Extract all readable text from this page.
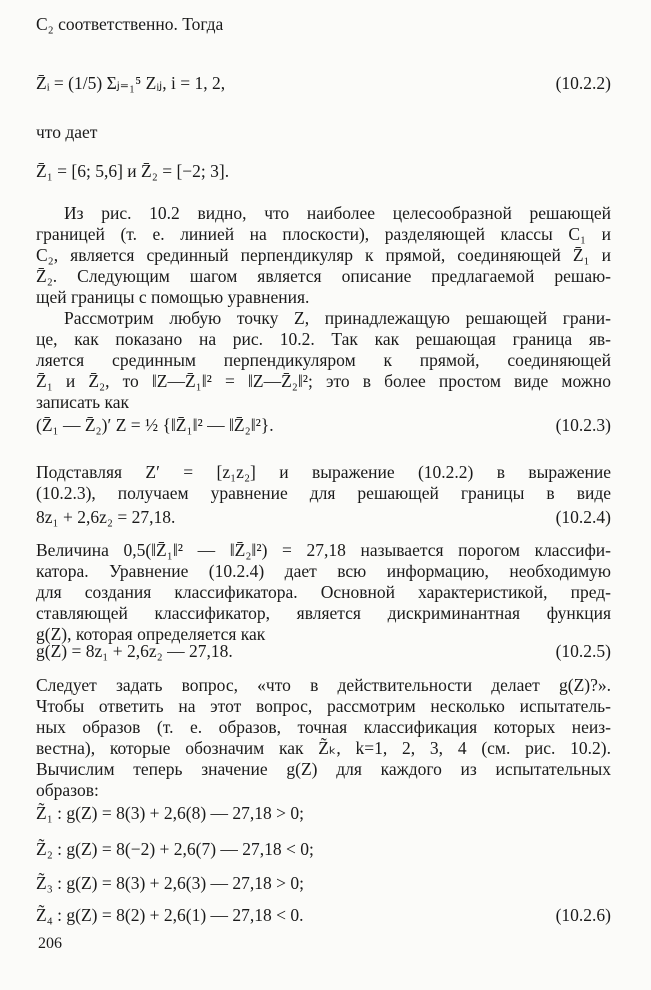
C₂ соответственно. Тогда
что дает
Из рис. 10.2 видно, что наиболее целесообразной решающей
границей (т. е. линией на плоскости), разделяющей классы C₁ и
C₂, является срединный перпендикуляр к прямой, соединяющей Z̄₁ и
Z̄₂. Следующим шагом является описание предлагаемой решаю-
щей границы с помощью уравнения.
Рассмотрим любую точку Z, принадлежащую решающей грани-
це, как показано на рис. 10.2. Так как решающая граница яв-
ляется срединным перпендикуляром к прямой, соединяющей
Z̄₁ и Z̄₂, то ‖Z—Z̄₁‖² = ‖Z—Z̄₂‖²; это в более простом виде можно
записать как
Подставляя Z′ = [z₁z₂] и выражение (10.2.2) в выражение
(10.2.3), получаем уравнение для решающей границы в виде
Величина 0,5(‖Z̄₁‖² — ‖Z̄₂‖²) = 27,18 называется порогом классифи-
катора. Уравнение (10.2.4) дает всю информацию, необходимую
для создания классификатора. Основной характеристикой, пред-
ставляющей классификатор, является дискриминантная функция
g(Z), которая определяется как
Следует задать вопрос, «что в действительности делает g(Z)?».
Чтобы ответить на этот вопрос, рассмотрим несколько испытатель-
ных образов (т. е. образов, точная классификация которых неиз-
вестна), которые обозначим как Z̃ₖ, k=1, 2, 3, 4 (см. рис. 10.2).
Вычислим теперь значение g(Z) для каждого из испытательных
образов:
Z̄ᵢ = (1/5) Σⱼ₌₁⁵ Zᵢⱼ, i = 1, 2,	(10.2.2)
Z̄₁ = [6; 5,6] и Z̄₂ = [−2; 3].
(Z̄₁ — Z̄₂)′ Z = ½ {‖Z̄₁‖² — ‖Z̄₂‖²}.	(10.2.3)
8z₁ + 2,6z₂ = 27,18.	(10.2.4)
g(Z) = 8z₁ + 2,6z₂ — 27,18.	(10.2.5)
Z̃₁ : g(Z) = 8(3) + 2,6(8) — 27,18 > 0;
Z̃₂ : g(Z) = 8(−2) + 2,6(7) — 27,18 < 0;
Z̃₃ : g(Z) = 8(3) + 2,6(3) — 27,18 > 0;
Z̃₄ : g(Z) = 8(2) + 2,6(1) — 27,18 < 0.	(10.2.6)
206
